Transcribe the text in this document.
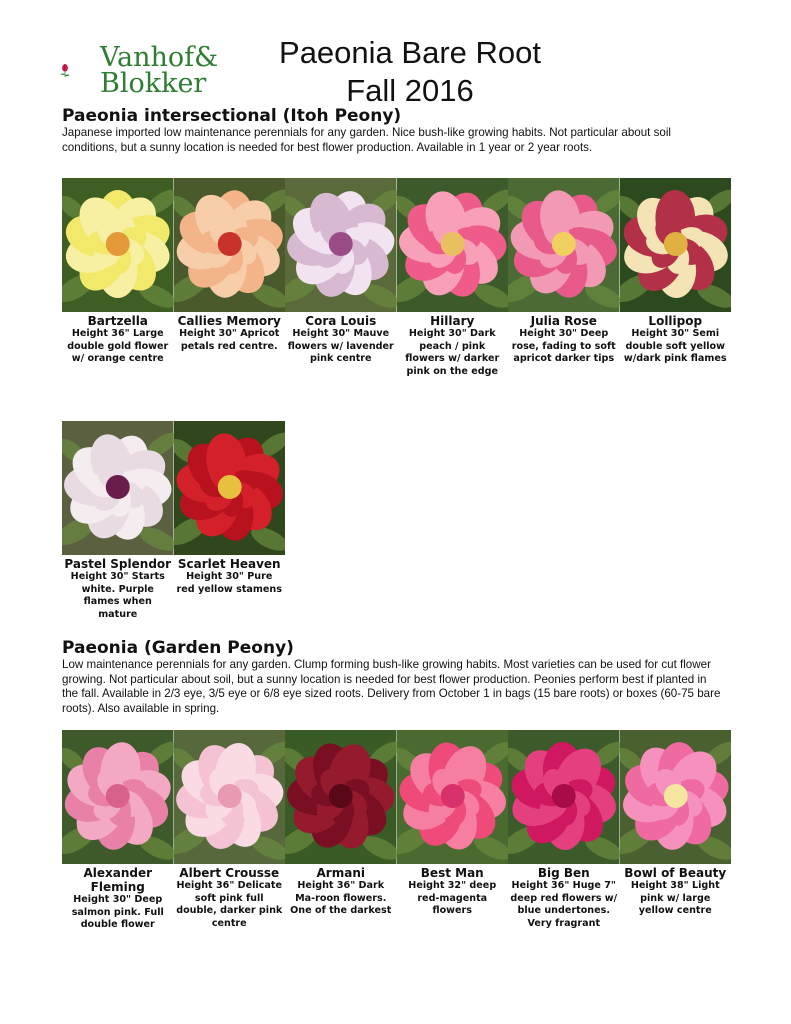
Vanhof&
Blokker
Paeonia Bare Root
Fall 2016
Paeonia intersectional (Itoh Peony)

Japanese imported low maintenance perennials for any garden. Nice bush-like growing habits. Not particular about soil conditions, but a sunny location is needed for best flower production. Available in 1 year or 2 year roots.

Bartzella
Height 36" Large double gold flower w/ orange centre
Callies Memory
Height 30" Apricot petals red centre.
Cora Louis
Height 30" Mauve flowers w/ lavender pink centre
Hillary
Height 30" Dark peach / pink flowers w/ darker pink on the edge
Julia Rose
Height 30" Deep rose, fading to soft apricot darker tips
Lollipop
Height 30" Semi double soft yellow w/dark pink flames
Pastel Splendor
Height 30" Starts white. Purple flames when mature
Scarlet Heaven
Height 30" Pure red yellow stamens
Paeonia (Garden Peony)

Low maintenance perennials for any garden. Clump forming bush-like growing habits. Most varieties can be used for cut flower growing. Not particular about soil, but a sunny location is needed for best flower production. Peonies perform best if planted in the fall. Available in 2/3 eye, 3/5 eye or 6/8 eye sized roots. Delivery from October 1 in bags (15 bare roots) or boxes (60-75 bare roots). Also available in spring.

Alexander Fleming
Height 30" Deep salmon pink. Full double flower
Albert Crousse
Height 36" Delicate soft pink full double, darker pink centre
Armani
Height 36" Dark Ma-roon flowers. One of the darkest
Best Man
Height 32" deep red-magenta flowers
Big Ben
Height 36" Huge 7" deep red flowers w/ blue undertones. Very fragrant
Bowl of Beauty
Height 38" Light pink w/ large yellow centre
